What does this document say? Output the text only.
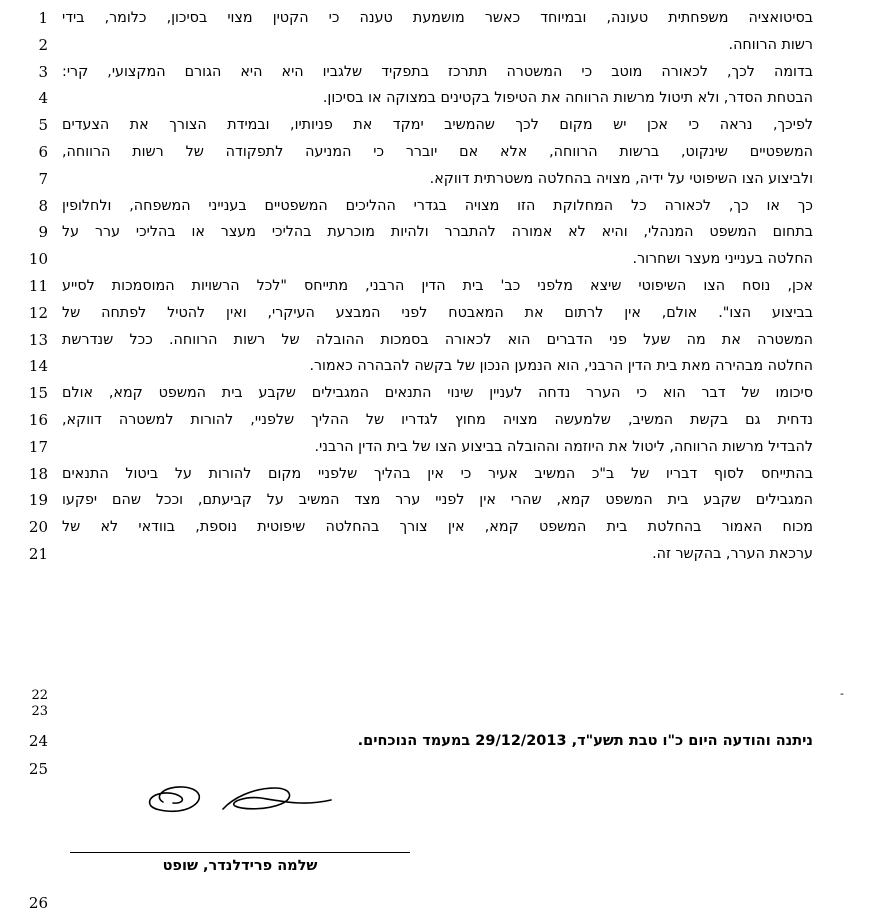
1 בסיטואציה משפחתית טעונה, ובמיוחד כאשר מושמעת טענה כי הקטין מצוי בסיכון, כלומר, בידי
2	רשות הרווחה.
3 בדומה לכך, לכאורה מוטב כי המשטרה תתרכז בתפקיד שלגביו היא היא הגורם המקצועי, קרי:
4	הבטחת הסדר, ולא תיטול מרשות הרווחה את הטיפול בקטינים במצוקה או בסיכון.
5 לפיכך, נראה כי אכן יש מקום לכך שהמשיב ימקד את פניותיו, ובמידת הצורך את הצעדים
6 המשפטיים שינקוט, ברשות הרווחה, אלא אם יוברר כי המניעה לתפקודה של רשות הרווחה,
7	ולביצוע הצו השיפוטי על ידיה, מצויה בהחלטה משטרתית דווקא.
8 כך או כך, לכאורה כל המחלוקת הזו מצויה בגדרי ההליכים המשפטיים בענייני המשפחה, ולחלופין
9 בתחום המשפט המנהלי, והיא לא אמורה להתברר ולהיות מוכרעת בהליכי מעצר או בהליכי ערר על
10	החלטה בענייני מעצר ושחרור.
11 אכן, נוסח הצו השיפוטי שיצא מלפני כב' בית הדין הרבני, מתייחס "לכל הרשויות המוסמכות לסייע
12 בביצוע הצו". אולם, אין לרתום את המאבטח לפני המבצע העיקרי, ואין להטיל לפתחה של
13 המשטרה את מה שעל פני הדברים הוא לכאורה בסמכות ההובלה של רשות הרווחה. ככל שנדרשת
14	החלטה מבהירה מאת בית הדין הרבני, הוא הנמען הנכון של בקשה להבהרה כאמור.
15 סיכומו של דבר הוא כי הערר נדחה לעניין שינוי התנאים המגבילים שקבע בית המשפט קמא, אולם
16 נדחית גם בקשת המשיב, שלמעשה מצויה מחוץ לגדריו של ההליך שלפניי, להורות למשטרה דווקא,
17	להבדיל מרשות הרווחה, ליטול את היוזמה וההובלה בביצוע הצו של בית הדין הרבני.
18 בהתייחס לסוף דבריו של ב"כ המשיב אעיר כי אין בהליך שלפניי מקום להורות על ביטול התנאים
19 המגבילים שקבע בית המשפט קמא, שהרי אין לפניי ערר מצד המשיב על קביעתם, וככל שהם יפקעו
20 מכוח האמור בהחלטת בית המשפט קמא, אין צורך בהחלטה שיפוטית נוספת, בוודאי לא של
21	ערכאת הערר, בהקשר זה.
22
23
-
24	ניתנה והודעה היום כ"ו טבת תשע"ד, 29/12/2013 במעמד הנוכחים.
25
שלמה פרידלנדר, שופט
26
